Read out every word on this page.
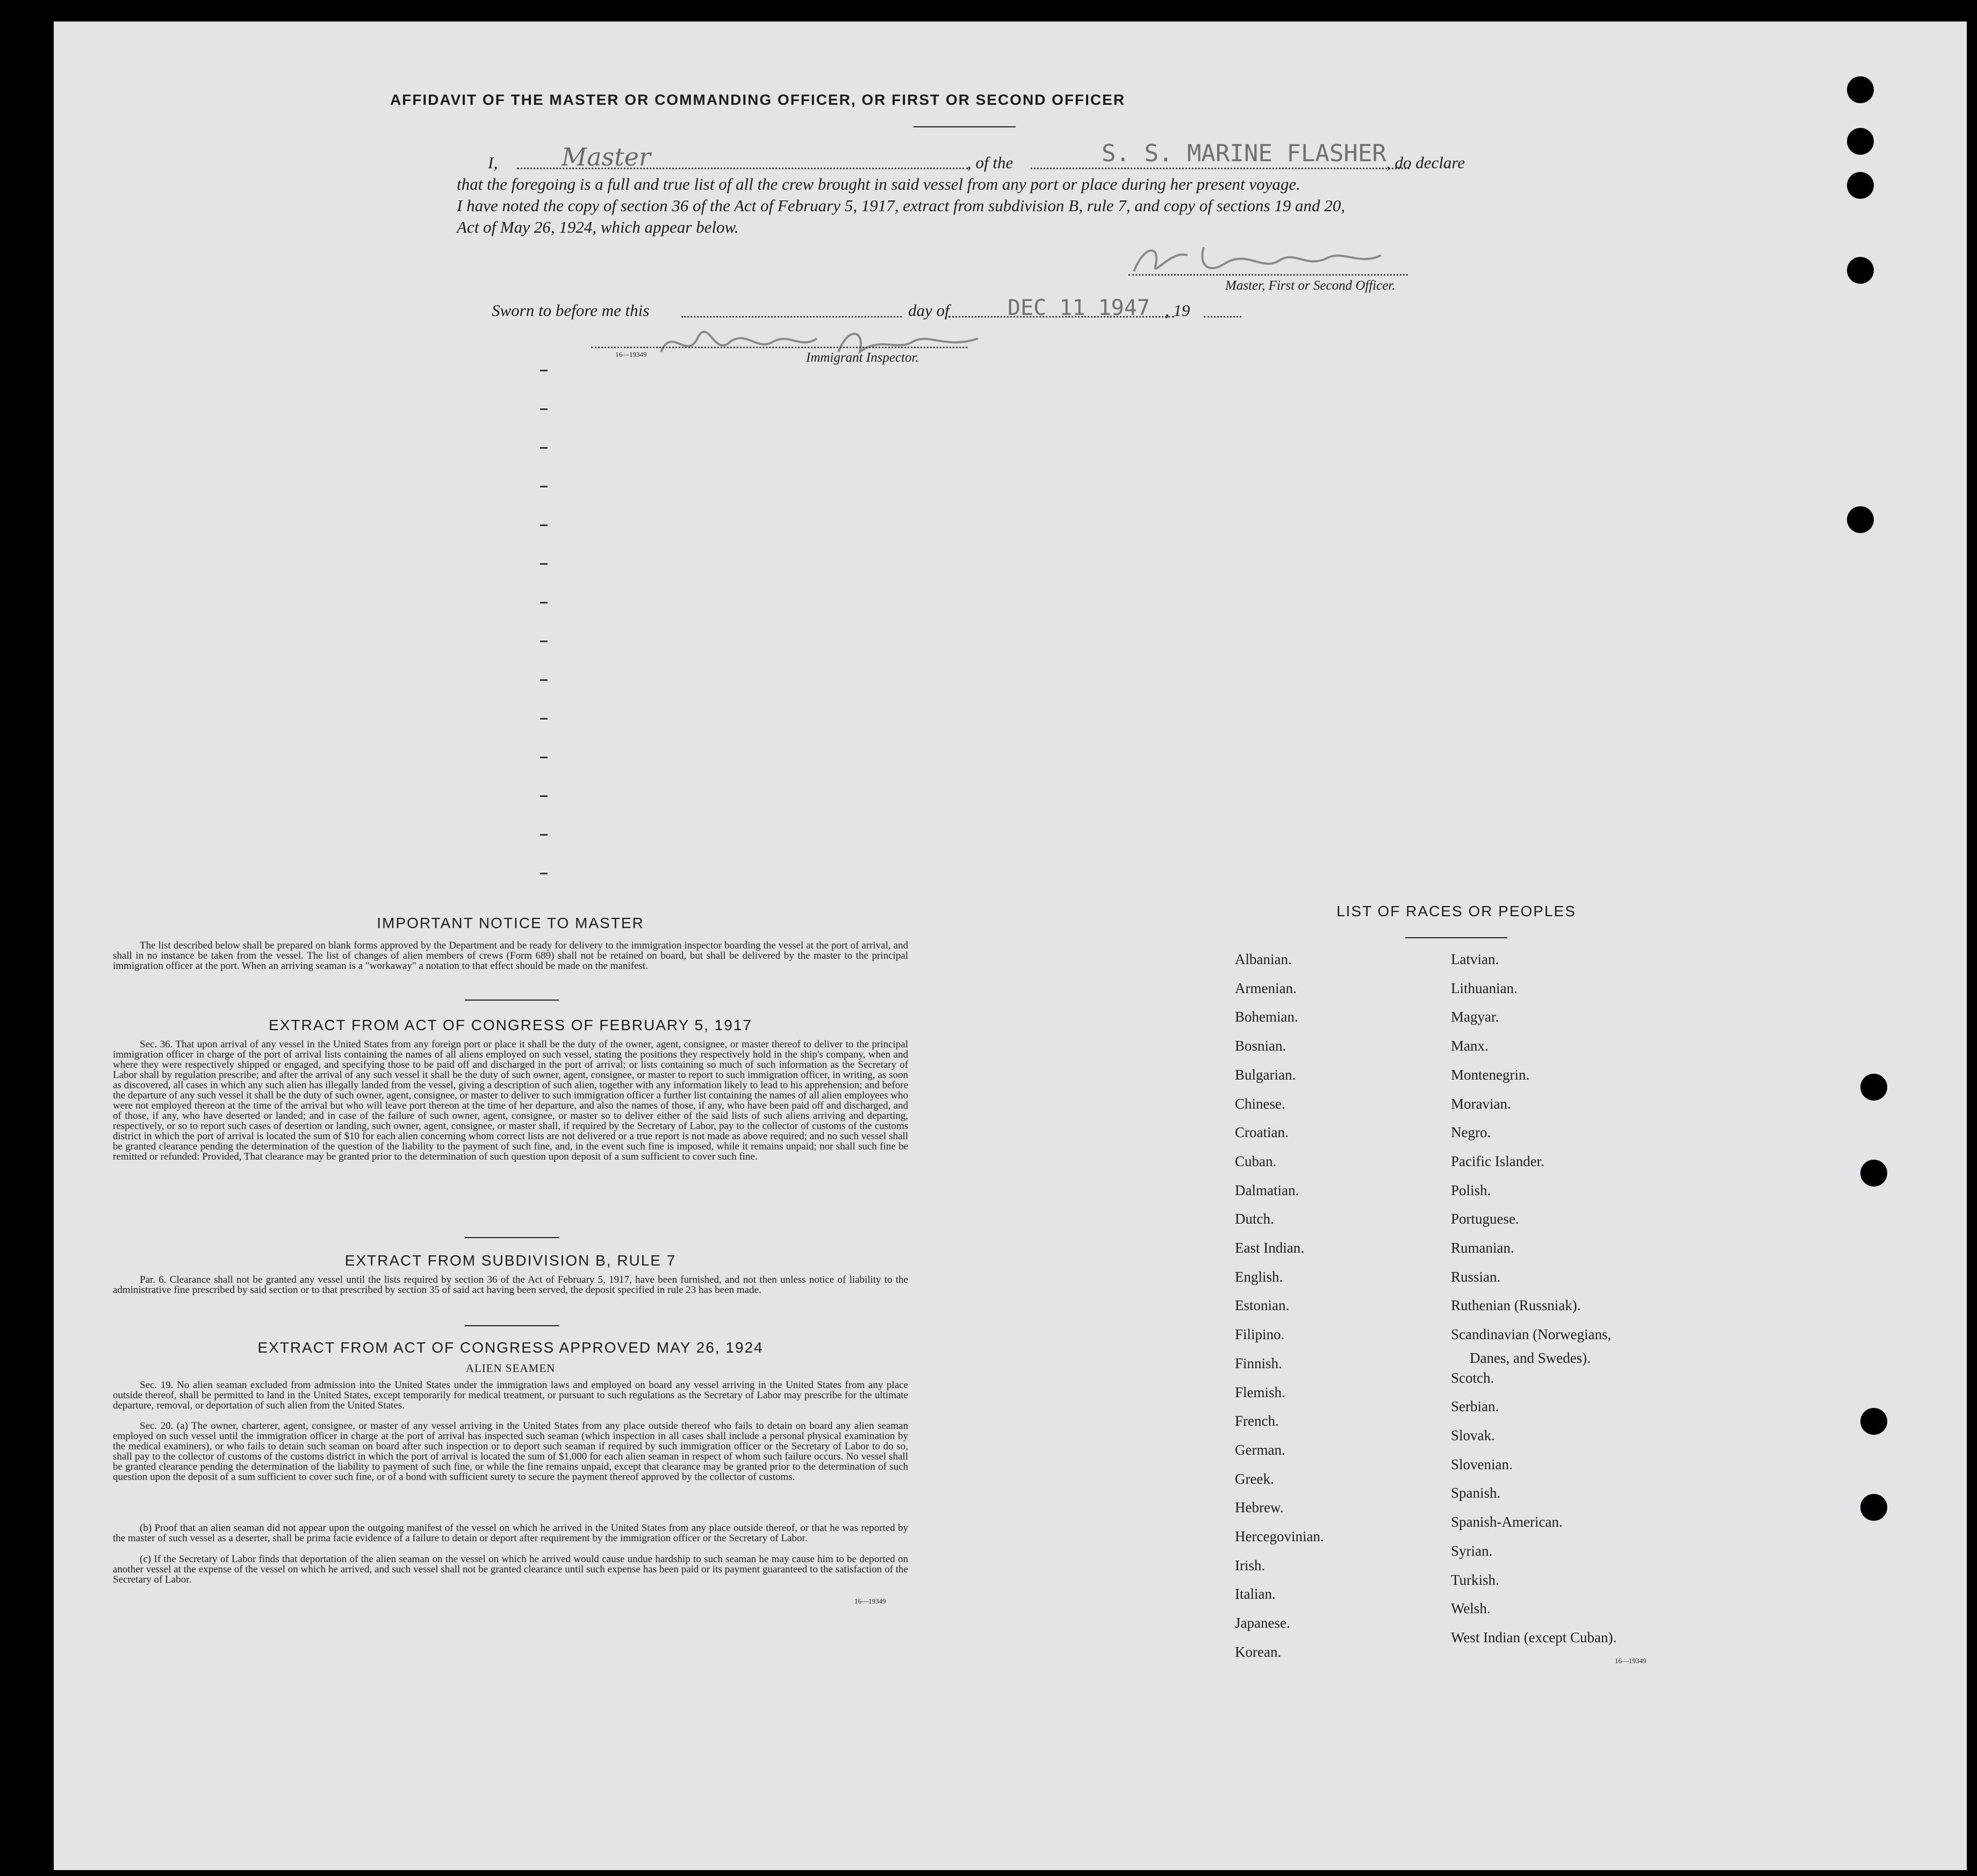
AFFIDAVIT OF THE MASTER OR COMMANDING OFFICER, OR FIRST OR SECOND OFFICER
I,	Master	, of the	S. S. MARINE FLASHER , do declare
that the foregoing is a full and true list of all the crew brought in said vessel from any port or place during her present voyage.
I have noted the copy of section 36 of the Act of February 5, 1917, extract from subdivision B, rule 7, and copy of sections 19 and 20,
Act of May 26, 1924, which appear below.
Master, First or Second Officer.
Sworn to before me this	day of	DEC 11 1947 , 19
16—19349	Immigrant Inspector.
IMPORTANT NOTICE TO MASTER
The list described below shall be prepared on blank forms approved by the Department and be ready for delivery to the immigration inspector boarding the vessel at the port of arrival, and shall in no instance be taken from the vessel. The list of changes of alien members of crews (Form 689) shall not be retained on board, but shall be delivered by the master to the principal immigration officer at the port. When an arriving seaman is a "workaway" a notation to that effect should be made on the manifest.
EXTRACT FROM ACT OF CONGRESS OF FEBRUARY 5, 1917
Sec. 36. That upon arrival of any vessel in the United States from any foreign port or place it shall be the duty of the owner, agent, consignee, or master thereof to deliver to the principal immigration officer in charge of the port of arrival lists containing the names of all aliens employed on such vessel, stating the positions they respectively hold in the ship's company, when and where they were respectively shipped or engaged, and specifying those to be paid off and discharged in the port of arrival; or lists containing so much of such information as the Secretary of Labor shall by regulation prescribe; and after the arrival of any such vessel it shall be the duty of such owner, agent, consignee, or master to report to such immigration officer, in writing, as soon as discovered, all cases in which any such alien has illegally landed from the vessel, giving a description of such alien, together with any information likely to lead to his apprehension; and before the departure of any such vessel it shall be the duty of such owner, agent, consignee, or master to deliver to such immigration officer a further list containing the names of all alien employees who were not employed thereon at the time of the arrival but who will leave port thereon at the time of her departure, and also the names of those, if any, who have been paid off and discharged, and of those, if any, who have deserted or landed; and in case of the failure of such owner, agent, consignee, or master so to deliver either of the said lists of such aliens arriving and departing, respectively, or so to report such cases of desertion or landing, such owner, agent, consignee, or master shall, if required by the Secretary of Labor, pay to the collector of customs of the customs district in which the port of arrival is located the sum of $10 for each alien concerning whom correct lists are not delivered or a true report is not made as above required; and no such vessel shall be granted clearance pending the determination of the question of the liability to the payment of such fine, and, in the event such fine is imposed, while it remains unpaid; nor shall such fine be remitted or refunded: Provided, That clearance may be granted prior to the determination of such question upon deposit of a sum sufficient to cover such fine.
EXTRACT FROM SUBDIVISION B, RULE 7
Par. 6. Clearance shall not be granted any vessel until the lists required by section 36 of the Act of February 5, 1917, have been furnished, and not then unless notice of liability to the administrative fine prescribed by said section or to that prescribed by section 35 of said act having been served, the deposit specified in rule 23 has been made.
EXTRACT FROM ACT OF CONGRESS APPROVED MAY 26, 1924
ALIEN SEAMEN
Sec. 19. No alien seaman excluded from admission into the United States under the immigration laws and employed on board any vessel arriving in the United States from any place outside thereof, shall be permitted to land in the United States, except temporarily for medical treatment, or pursuant to such regulations as the Secretary of Labor may prescribe for the ultimate departure, removal, or deportation of such alien from the United States.
Sec. 20. (a) The owner, charterer, agent, consignee, or master of any vessel arriving in the United States from any place outside thereof who fails to detain on board any alien seaman employed on such vessel until the immigration officer in charge at the port of arrival has inspected such seaman (which inspection in all cases shall include a personal physical examination by the medical examiners), or who fails to detain such seaman on board after such inspection or to deport such seaman if required by such immigration officer or the Secretary of Labor to do so, shall pay to the collector of customs of the customs district in which the port of arrival is located the sum of $1,000 for each alien seaman in respect of whom such failure occurs. No vessel shall be granted clearance pending the determination of the liability to payment of such fine, or while the fine remains unpaid, except that clearance may be granted prior to the determination of such question upon the deposit of a sum sufficient to cover such fine, or of a bond with sufficient surety to secure the payment thereof approved by the collector of customs.
(b) Proof that an alien seaman did not appear upon the outgoing manifest of the vessel on which he arrived in the United States from any place outside thereof, or that he was reported by the master of such vessel as a deserter, shall be prima facie evidence of a failure to detain or deport after requirement by the immigration officer or the Secretary of Labor.
(c) If the Secretary of Labor finds that deportation of the alien seaman on the vessel on which he arrived would cause undue hardship to such seaman he may cause him to be deported on another vessel at the expense of the vessel on which he arrived, and such vessel shall not be granted clearance until such expense has been paid or its payment guaranteed to the satisfaction of the Secretary of Labor.
16—19349
LIST OF RACES OR PEOPLES
Albanian.
Armenian.
Bohemian.
Bosnian.
Bulgarian.
Chinese.
Croatian.
Cuban.
Dalmatian.
Dutch.
East Indian.
English.
Estonian.
Filipino.
Finnish.
Flemish.
French.
German.
Greek.
Hebrew.
Hercegovinian.
Irish.
Italian.
Japanese.
Korean.
Latvian.
Lithuanian.
Magyar.
Manx.
Montenegrin.
Moravian.
Negro.
Pacific Islander.
Polish.
Portuguese.
Rumanian.
Russian.
Ruthenian (Russniak).
Scandinavian (Norwegians,
Scotch.
Serbian.
Slovak.
Slovenian.
Spanish.
Spanish-American.
Syrian.
Turkish.
Welsh.
West Indian (except Cuban).
Danes, and Swedes).
16—19349
